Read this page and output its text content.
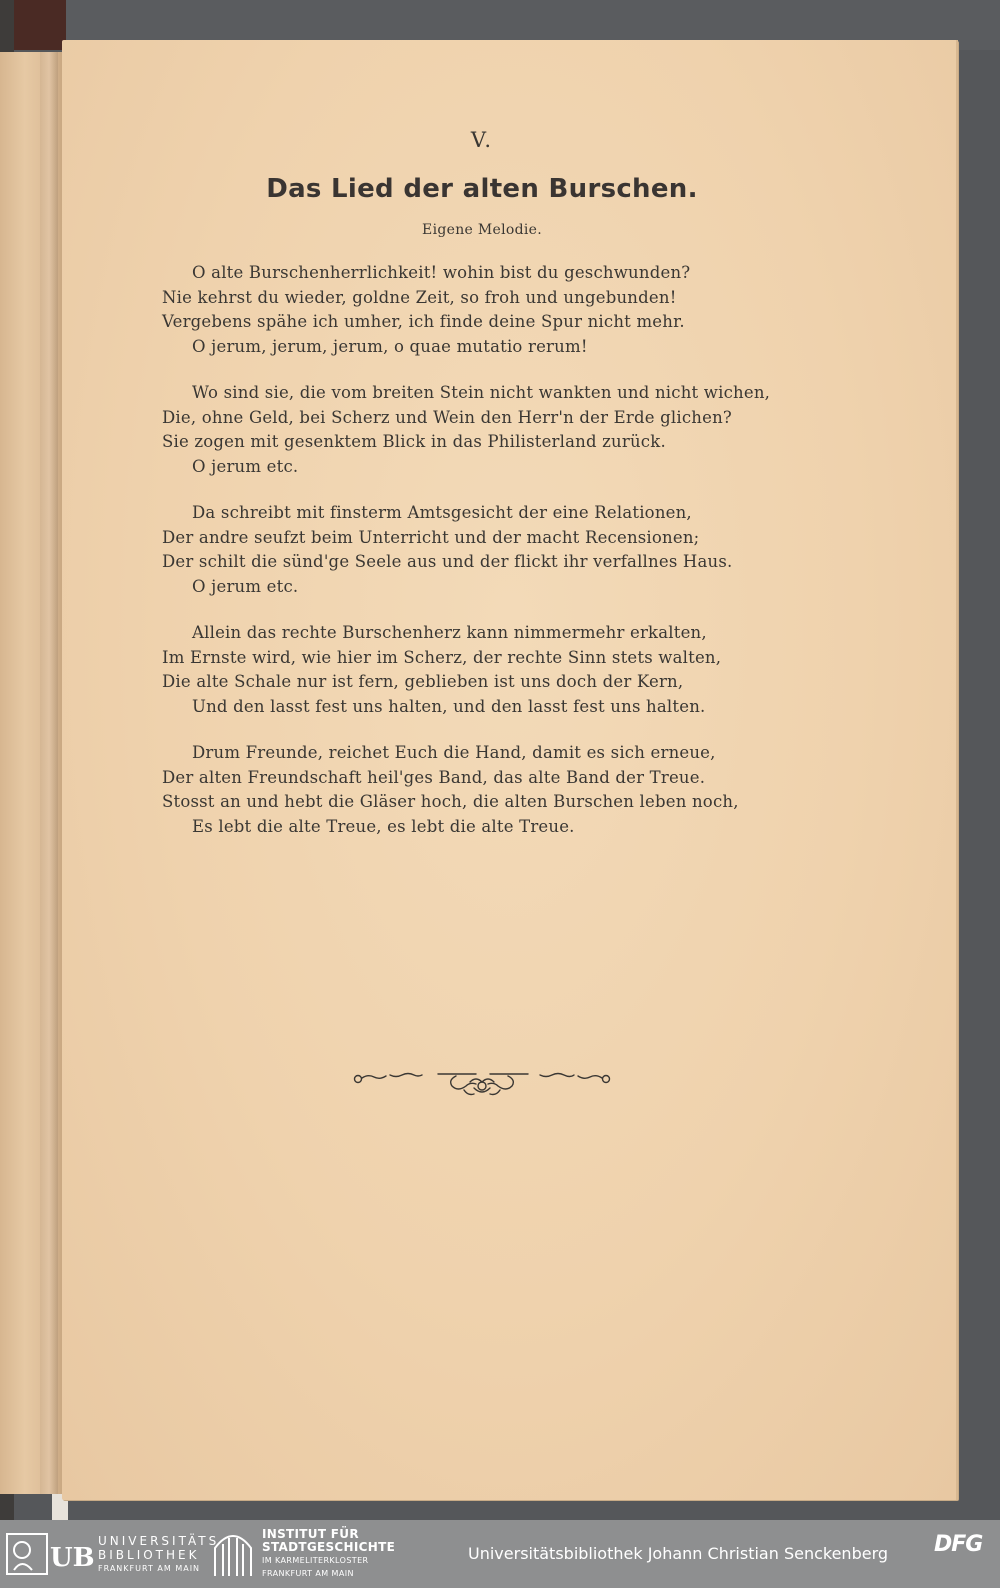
V.
Das Lied der alten Burschen.
Eigene Melodie.
O alte Burschenherrlichkeit! wohin bist du geschwunden?
Nie kehrst du wieder, goldne Zeit, so froh und ungebunden!
Vergebens spähe ich umher, ich finde deine Spur nicht mehr.
O jerum, jerum, jerum, o quae mutatio rerum!
Wo sind sie, die vom breiten Stein nicht wankten und nicht wichen,
Die, ohne Geld, bei Scherz und Wein den Herr'n der Erde glichen?
Sie zogen mit gesenktem Blick in das Philisterland zurück.
O jerum etc.
Da schreibt mit finsterm Amtsgesicht der eine Relationen,
Der andre seufzt beim Unterricht und der macht Recensionen;
Der schilt die sünd'ge Seele aus und der flickt ihr verfallnes Haus.
O jerum etc.
Allein das rechte Burschenherz kann nimmermehr erkalten,
Im Ernste wird, wie hier im Scherz, der rechte Sinn stets walten,
Die alte Schale nur ist fern, geblieben ist uns doch der Kern,
Und den lasst fest uns halten, und den lasst fest uns halten.
Drum Freunde, reichet Euch die Hand, damit es sich erneue,
Der alten Freundschaft heil'ges Band, das alte Band der Treue.
Stosst an und hebt die Gläser hoch, die alten Burschen leben noch,
Es lebt die alte Treue, es lebt die alte Treue.
UB
UNIVERSITÄTS
BIBLIOTHEK
FRANKFURT AM MAIN
INSTITUT FÜR
STADTGESCHICHTE
IM KARMELITERKLOSTER
FRANKFURT AM MAIN
Universitätsbibliothek Johann Christian Senckenberg DFG
